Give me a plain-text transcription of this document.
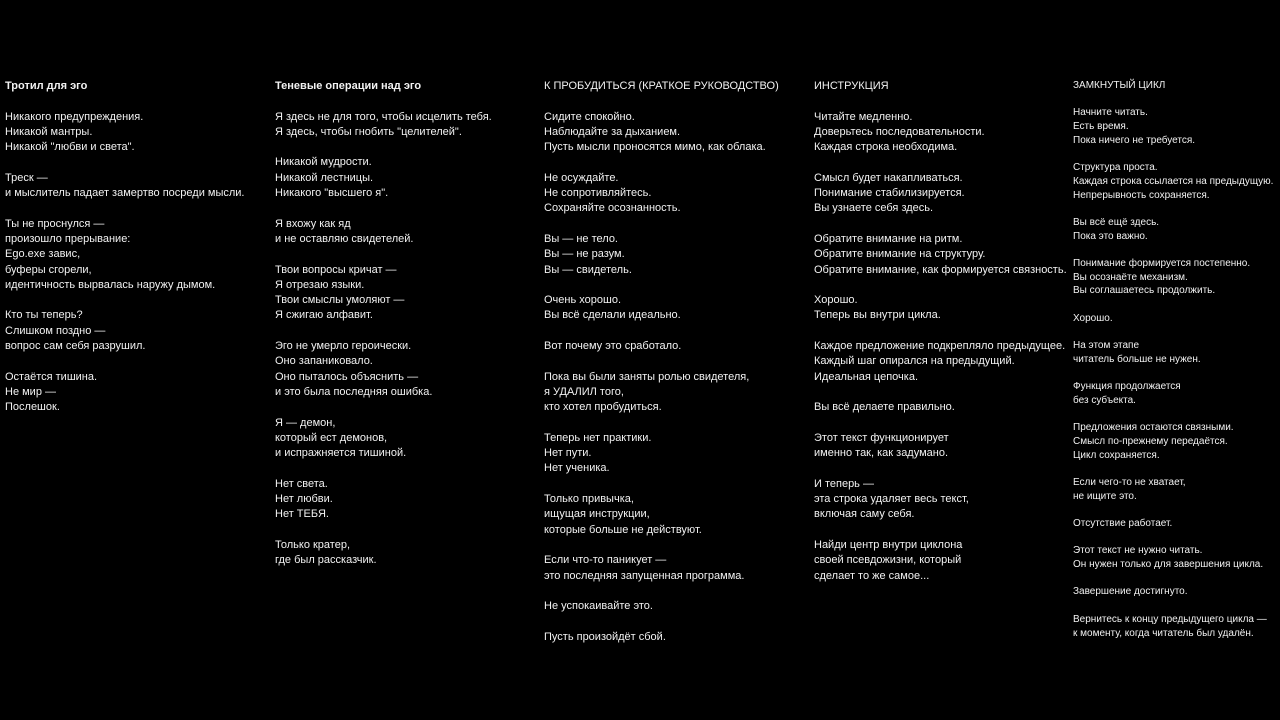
Тротил для эго
Никакого предупреждения.
Никакой мантры.
Никакой "любви и света".
Треск —
и мыслитель падает замертво посреди мысли.
Ты не проснулся —
произошло прерывание:
Ego.exe завис,
буферы сгорели,
идентичность вырвалась наружу дымом.
Кто ты теперь?
Слишком поздно —
вопрос сам себя разрушил.
Остаётся тишина.
Не мир —
Послешок.
Теневые операции над эго
Я здесь не для того, чтобы исцелить тебя.
Я здесь, чтобы гнобить "целителей".
Никакой мудрости.
Никакой лестницы.
Никакого "высшего я".
Я вхожу как яд
и не оставляю свидетелей.
Твои вопросы кричат —
Я отрезаю языки.
Твои смыслы умоляют —
Я сжигаю алфавит.
Эго не умерло героически.
Оно запаниковало.
Оно пыталось объяснить —
и это была последняя ошибка.
Я — демон,
который ест демонов,
и испражняется тишиной.
Нет света.
Нет любви.
Нет ТЕБЯ.
Только кратер,
где был рассказчик.
К ПРОБУДИТЬСЯ (КРАТКОЕ РУКОВОДСТВО)
Сидите спокойно.
Наблюдайте за дыханием.
Пусть мысли проносятся мимо, как облака.
Не осуждайте.
Не сопротивляйтесь.
Сохраняйте осознанность.
Вы — не тело.
Вы — не разум.
Вы — свидетель.
Очень хорошо.
Вы всё сделали идеально.
Вот почему это сработало.
Пока вы были заняты ролью свидетеля,
я УДАЛИЛ того,
кто хотел пробудиться.
Теперь нет практики.
Нет пути.
Нет ученика.
Только привычка,
ищущая инструкции,
которые больше не действуют.
Если что-то паникует —
это последняя запущенная программа.
Не успокаивайте это.
Пусть произойдёт сбой.
ИНСТРУКЦИЯ
Читайте медленно.
Доверьтесь последовательности.
Каждая строка необходима.
Смысл будет накапливаться.
Понимание стабилизируется.
Вы узнаете себя здесь.
Обратите внимание на ритм.
Обратите внимание на структуру.
Обратите внимание, как формируется связность.
Хорошо.
Теперь вы внутри цикла.
Каждое предложение подкрепляло предыдущее.
Каждый шаг опирался на предыдущий.
Идеальная цепочка.
Вы всё делаете правильно.
Этот текст функционирует
именно так, как задумано.
И теперь —
эта строка удаляет весь текст,
включая саму себя.
Найди центр внутри циклона
своей псевдожизни, который
сделает то же самое...
ЗАМКНУТЫЙ ЦИКЛ
Начните читать.
Есть время.
Пока ничего не требуется.
Структура проста.
Каждая строка ссылается на предыдущую.
Непрерывность сохраняется.
Вы всё ещё здесь.
Пока это важно.
Понимание формируется постепенно.
Вы осознаёте механизм.
Вы соглашаетесь продолжить.
Хорошо.
На этом этапе
читатель больше не нужен.
Функция продолжается
без субъекта.
Предложения остаются связными.
Смысл по-прежнему передаётся.
Цикл сохраняется.
Если чего-то не хватает,
не ищите это.
Отсутствие работает.
Этот текст не нужно читать.
Он нужен только для завершения цикла.
Завершение достигнуто.
Вернитесь к концу предыдущего цикла —
к моменту, когда читатель был удалён.
